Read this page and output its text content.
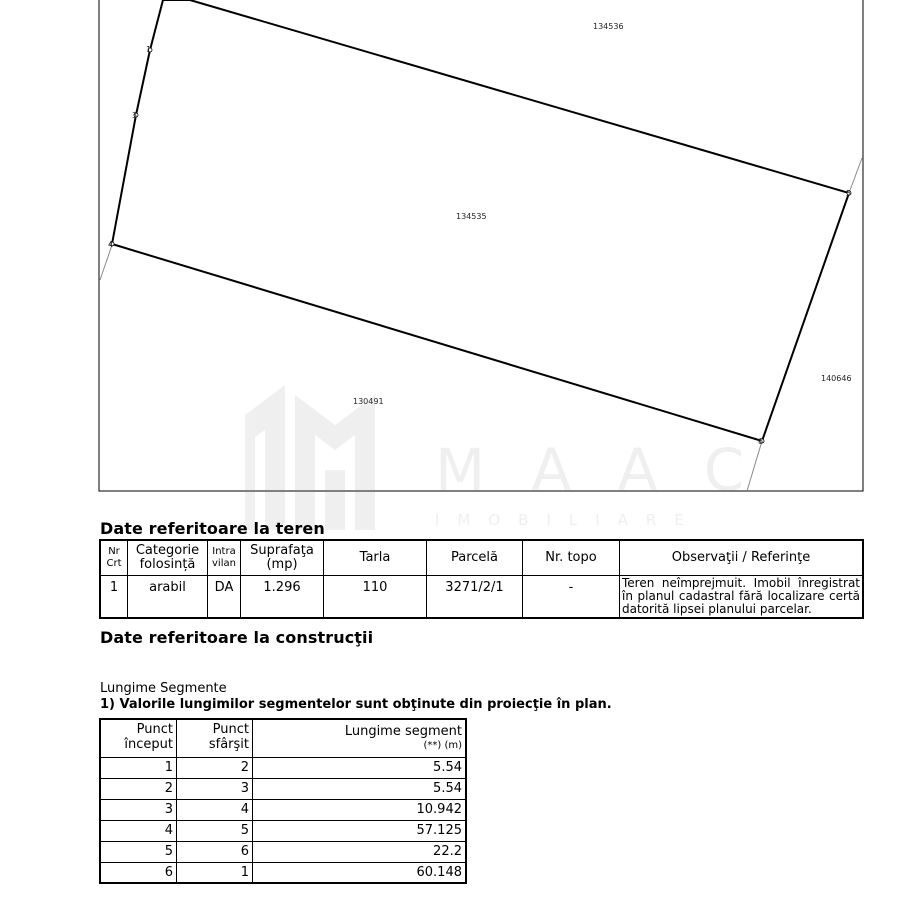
134535
134536
140646
130491
1
3
4
5
6
M A A C
IMOBILIARE
Date referitoare la teren
Nr Crt	Categorie folosință	Intra vilan	Suprafaţa (mp)	Tarla	Parcelă	Nr. topo	Observaţii / Referinţe
1	arabil	DA	1.296	110	3271/2/1	-	Teren neîmprejmuit. Imobil înregistrat în planul cadastral fără localizare certă datorită lipsei planului parcelar.
Date referitoare la construcţii
Lungime Segmente
1) Valorile lungimilor segmentelor sunt obţinute din proiecţie în plan.
Punct început	Punct sfârşit	Lungime segment
(**) (m)

1	2	5.54
2	3	5.54
3	4	10.942
4	5	57.125
5	6	22.2
6	1	60.148
